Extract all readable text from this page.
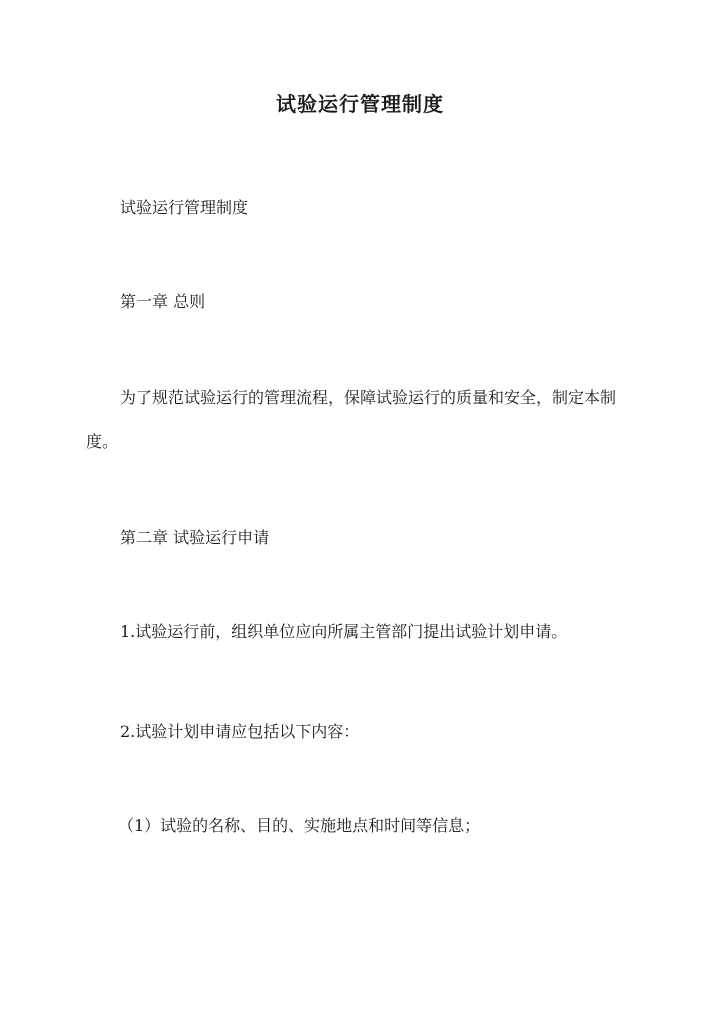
试验运行管理制度

试验运行管理制度

第一章 总则

为了规范试验运行的管理流程，保障试验运行的质量和安全，制定本制度。

第二章 试验运行申请

1.试验运行前，组织单位应向所属主管部门提出试验计划申请。

2.试验计划申请应包括以下内容：

（1）试验的名称、目的、实施地点和时间等信息；
